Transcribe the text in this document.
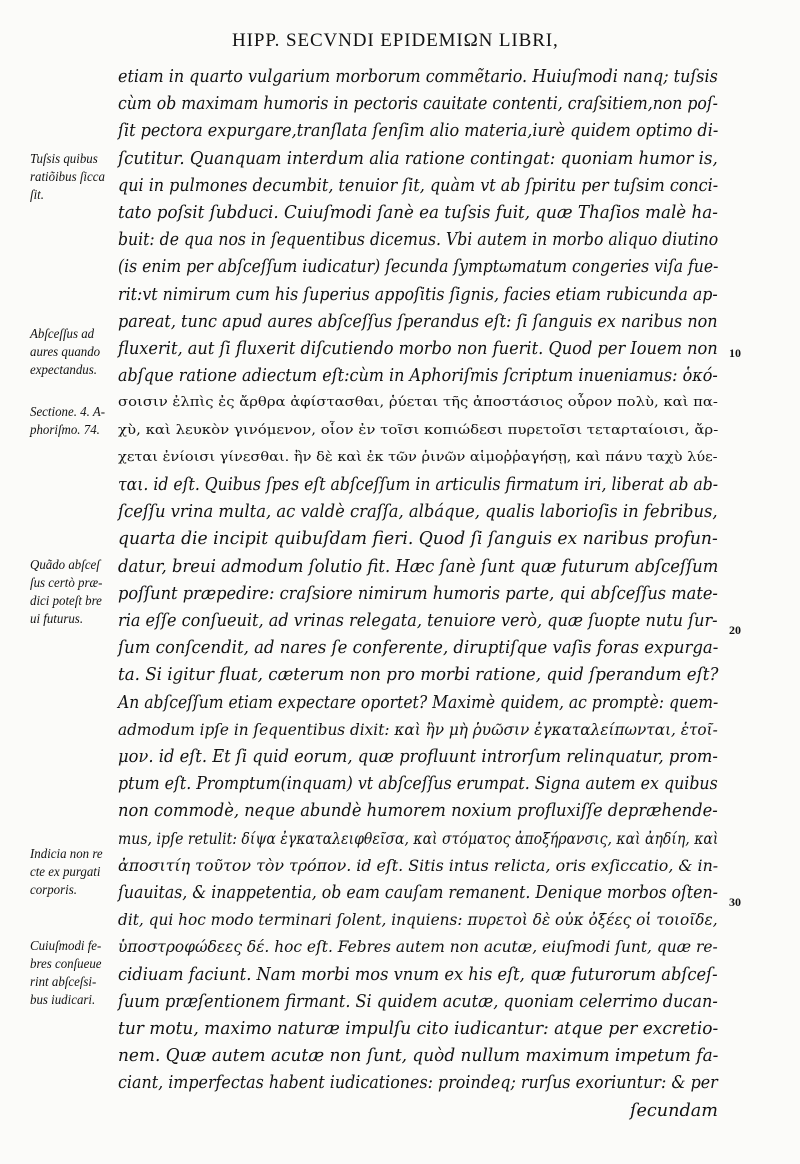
HIPP. SECVNDI EPIDEMIΩN LIBRI,
etiam in quarto vulgarium morborum commẽtario. Huiuſmodi nanq; tuſsis
cùm ob maximam humoris in pectoris cauitate contenti, craſsitiem,non poſ-
ſit pectora expurgare,tranſlata ſenſim alio materia,iurè quidem optimo di-
ſcutitur. Quanquam interdum alia ratione contingat: quoniam humor is,
qui in pulmones decumbit, tenuior ſit, quàm vt ab ſpiritu per tuſsim conci-
tato poſsit ſubduci. Cuiuſmodi ſanè ea tuſsis fuit, quæ Thaſios malè ha-
buit: de qua nos in ſequentibus dicemus. Vbi autem in morbo aliquo diutino
(is enim per abſceſſum iudicatur) ſecunda ſymptωmatum congeries viſa fue-
rit:vt nimirum cum his ſuperius appoſitis ſignis, facies etiam rubicunda ap-
pareat, tunc apud aures abſceſſus ſperandus eſt: ſi ſanguis ex naribus non
fluxerit, aut ſi fluxerit diſcutiendo morbo non fuerit. Quod per Iouem non
abſque ratione adiectum eſt:cùm in Aphoriſmis ſcriptum inueniamus: ὁκό-
σοισιν ἐλπὶς ἐς ἄρθρα ἀφίστασθαι, ῥύεται τῆς ἀποστάσιος οὖρον πολὺ, καὶ πα-
χὺ, καὶ λευκὸν γινόμενον, οἷον ἐν τοῖσι κοπιώδεσι πυρετοῖσι τεταρταίοισι, ἄρ-
χεται ἐνίοισι γίνεσθαι. ἢν δὲ καὶ ἐκ τῶν ῥινῶν αἱμοῤῥαγήσῃ, καὶ πάνυ ταχὺ λύε-
ται. id eſt. Quibus ſpes eſt abſceſſum in articulis firmatum iri, liberat ab ab-
ſceſſu vrina multa, ac valdè craſſa, albáque, qualis laborioſis in febribus,
quarta die incipit quibuſdam fieri. Quod ſi ſanguis ex naribus profun-
datur, breui admodum ſolutio fit. Hæc ſanè ſunt quæ futurum abſceſſum
poſſunt præpedire: craſsiore nimirum humoris parte, qui abſceſſus mate-
ria eſſe conſueuit, ad vrinas relegata, tenuiore verò, quæ ſuopte nutu ſur-
ſum conſcendit, ad nares ſe conferente, diruptiſque vaſis foras expurga-
ta. Si igitur fluat, cæterum non pro morbi ratione, quid ſperandum eſt?
An abſceſſum etiam expectare oportet? Maximè quidem, ac promptè: quem-
admodum ipſe in ſequentibus dixit: καὶ ἢν μὴ ῥυῶσιν ἐγκαταλείπωνται, ἑτοῖ-
μον. id eſt. Et ſi quid eorum, quæ profluunt introrſum relinquatur, prom-
ptum eſt. Promptum(inquam) vt abſceſſus erumpat. Signa autem ex quibus
non commodè, neque abundè humorem noxium profluxiſſe depræhende-
mus, ipſe retulit: δίψα ἐγκαταλειφθεῖσα, καὶ στόματος ἀποξήρανσις, καὶ ἀηδίη, καὶ
ἀποσιτίη τοῦτον τὸν τρόπον. id eſt. Sitis intus relicta, oris exſiccatio, & in-
ſuauitas, & inappetentia, ob eam cauſam remanent. Denique morbos oſten-
dit, qui hoc modo terminari ſolent, inquiens: πυρετοὶ δὲ οὐκ ὀξέες οἱ τοιοῖδε,
ὑποστροφώδεες δέ. hoc eſt. Febres autem non acutæ, eiuſmodi ſunt, quæ re-
cidiuam faciunt. Nam morbi mos vnum ex his eſt, quæ futurorum abſceſ-
ſuum præſentionem firmant. Si quidem acutæ, quoniam celerrimo ducan-
tur motu, maximo naturæ impulſu cito iudicantur: atque per excretio-
nem. Quæ autem acutæ non ſunt, quòd nullum maximum impetum fa-
ciant, imperfectas habent iudicationes: proindeq; rurſus exoriuntur: & per
ſecundam
Tuſsis quibus
ratiõibus ſicca
ſit.
Abſceſſus ad
aures quando
expectandus.
Sectione. 4. A-
phoriſmo. 74.
Quãdo abſceſ
ſus certò præ-
dici poteſt bre
ui futurus.
Indicia non re
cte ex purgati
corporis.
Cuiuſmodi fe-
bres conſueue
rint abſceſsi-
bus iudicari.
10
20
30
